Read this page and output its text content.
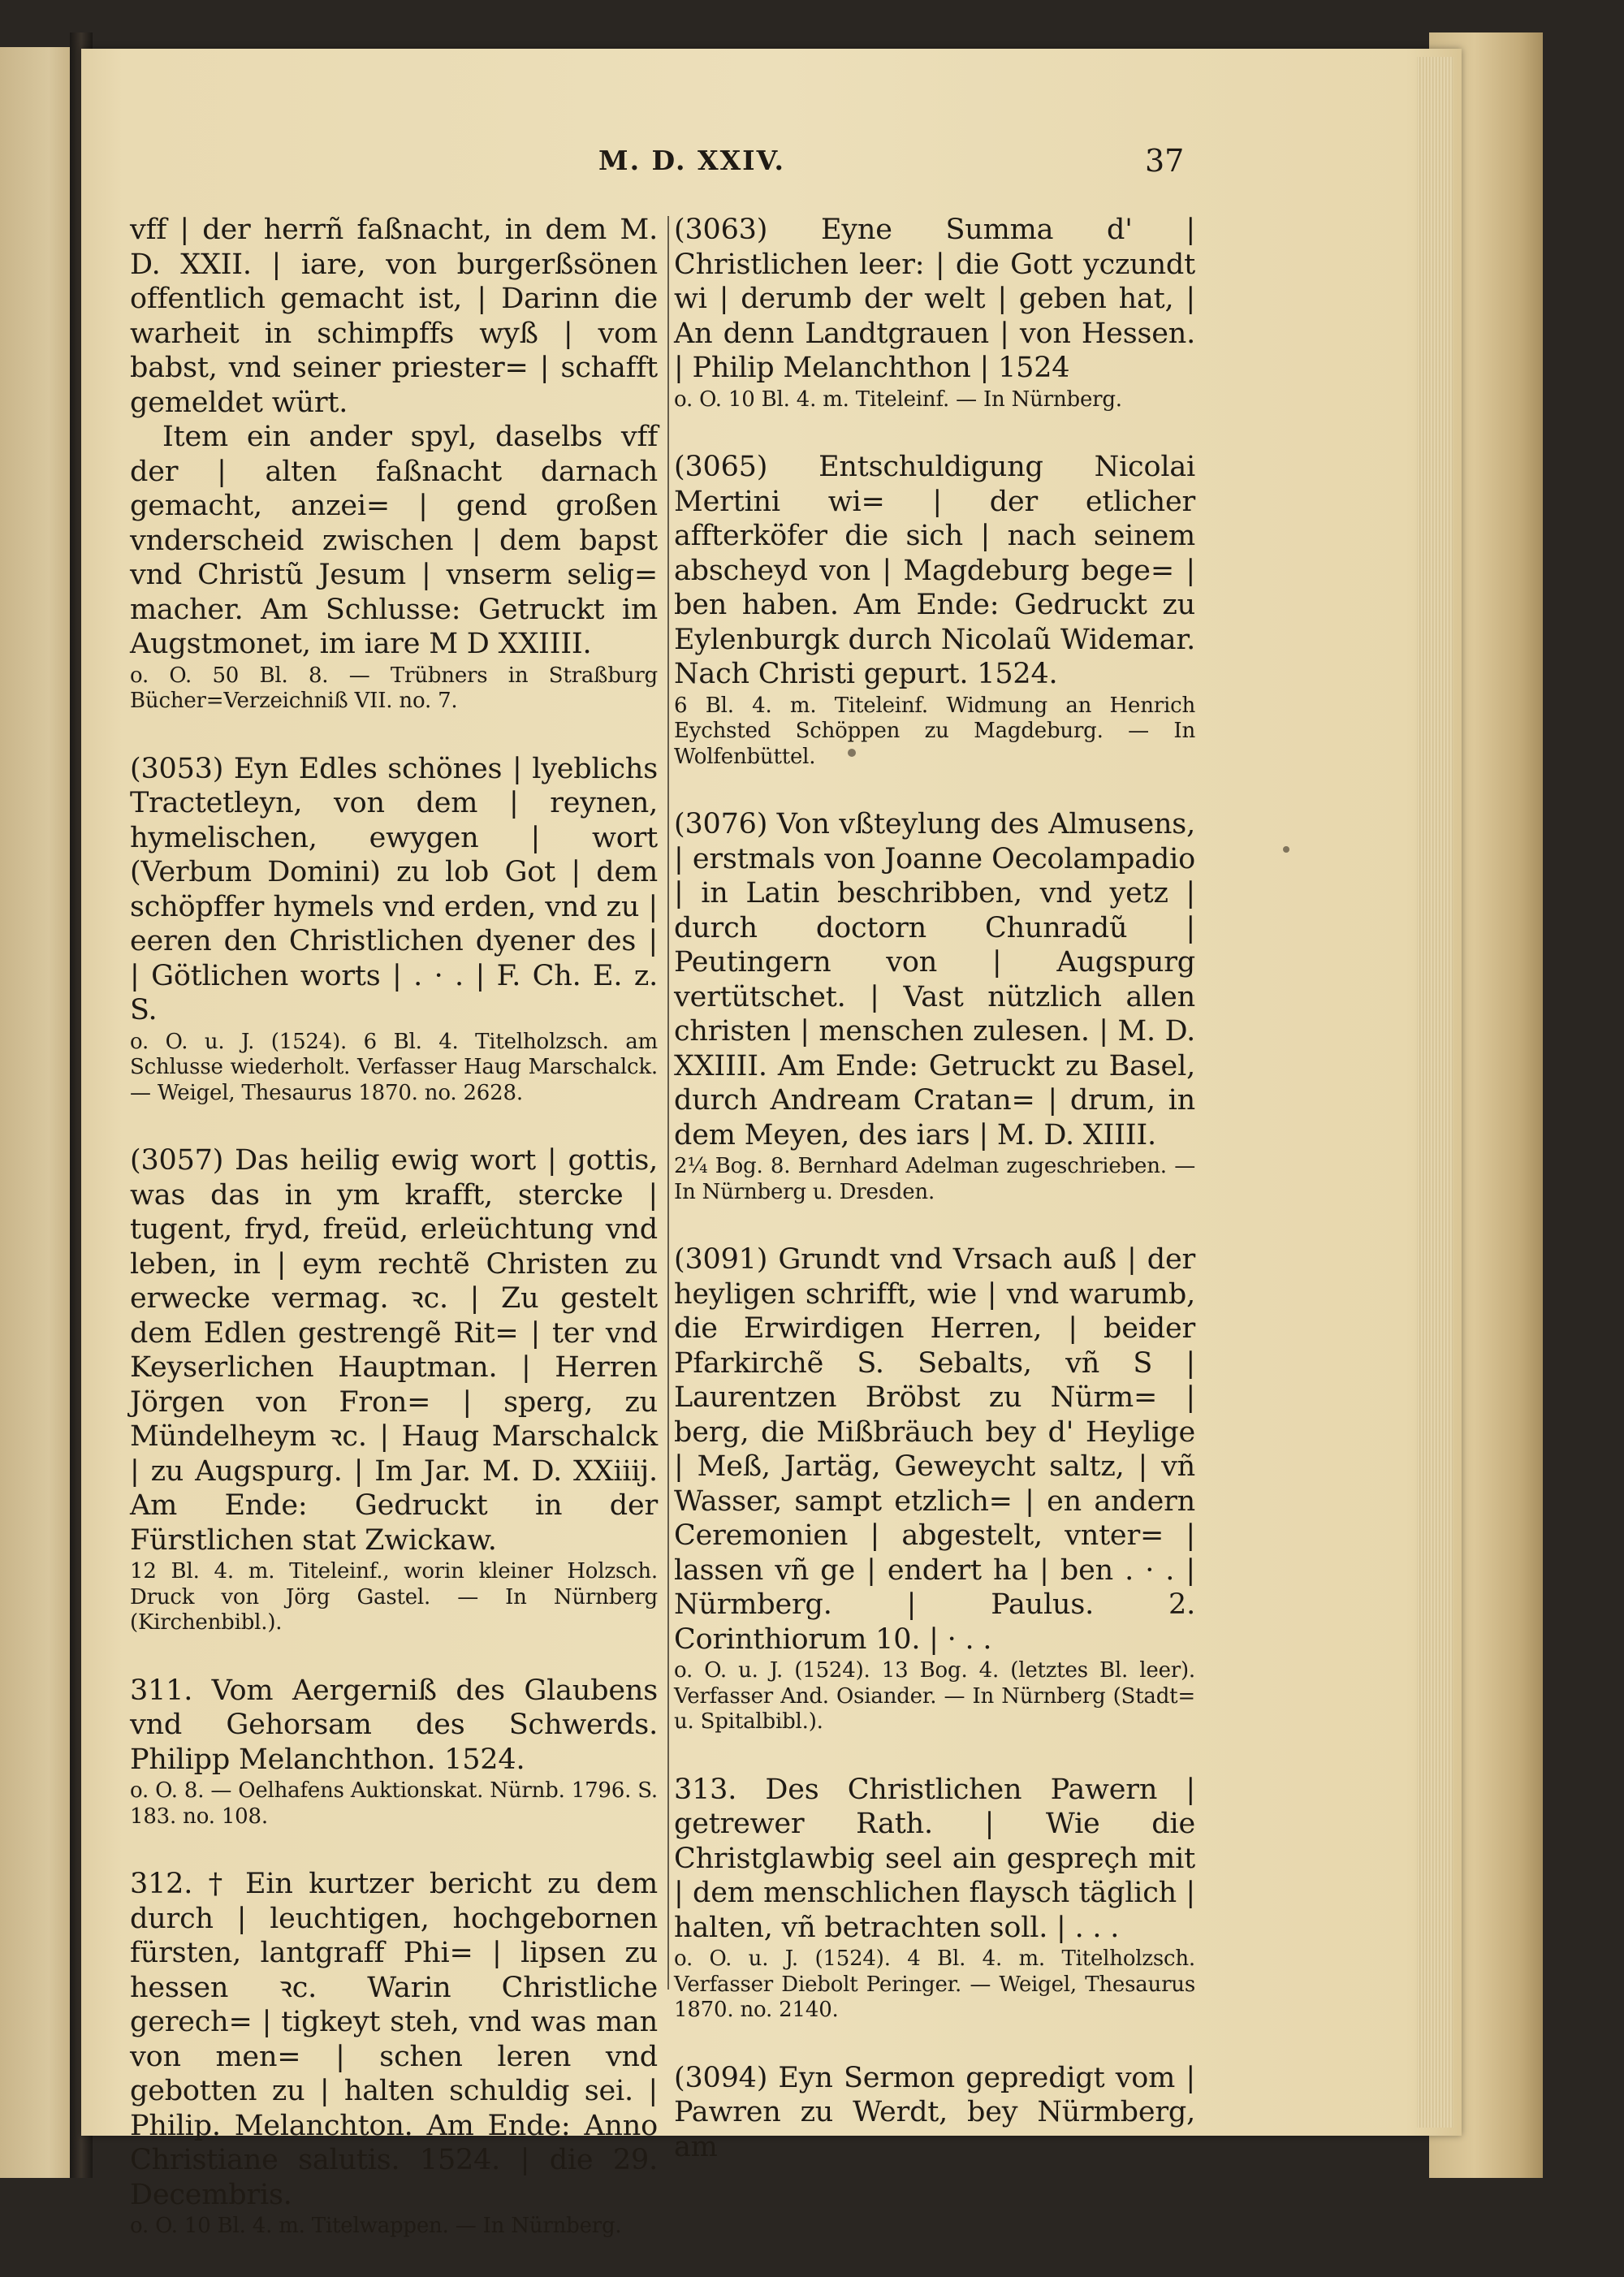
M. D. XXIV.	37

vff | der herrñ faßnacht, in dem M. D. XXII. | iare, von burgerßsönen offentlich gemacht ist, | Darinn die warheit in schimpffs wyß | vom babst, vnd seiner priester= | schafft gemeldet würt.

Item ein ander spyl, daselbs vff der | alten faßnacht darnach gemacht, anzei= | gend großen vnderscheid zwischen | dem bapst vnd Christũ Jesum | vnserm selig= macher. Am Schlusse: Getruckt im Augstmonet, im iare M D XXIIII.

o. O. 50 Bl. 8. — Trübners in Straßburg Bücher=Verzeichniß VII. no. 7.

(3053) Eyn Edles schönes | lyeblichs Tractetleyn, von dem | reynen, hymelischen, ewygen | wort (Verbum Domini) zu lob Got | dem schöpffer hymels vnd erden, vnd zu | eeren den Christlichen dyener des | | Götlichen worts | . · . | F. Ch. E. z. S.

o. O. u. J. (1524). 6 Bl. 4. Titelholzsch. am Schlusse wiederholt. Verfasser Haug Marschalck. — Weigel, Thesaurus 1870. no. 2628.

(3057) Das heilig ewig wort | gottis, was das in ym krafft, stercke | tugent, fryd, freüd, erleüchtung vnd leben, in | eym rechtẽ Christen zu erwecke vermag. ꝛc. | Zu gestelt dem Edlen gestrengẽ Rit= | ter vnd Keyserlichen Hauptman. | Herren Jörgen von Fron= | sperg, zu Mündelheym ꝛc. | Haug Marschalck | zu Augspurg. | Im Jar. M. D. XXiiij. Am Ende: Gedruckt in der Fürstlichen stat Zwickaw.

12 Bl. 4. m. Titeleinf., worin kleiner Holzsch. Druck von Jörg Gastel. — In Nürnberg (Kirchenbibl.).

311. Vom Aergerniß des Glaubens vnd Gehorsam des Schwerds. Philipp Melanchthon. 1524.

o. O. 8. — Oelhafens Auktionskat. Nürnb. 1796. S. 183. no. 108.

312. † Ein kurtzer bericht zu dem durch | leuchtigen, hochgebornen fürsten, lantgraff Phi= | lipsen zu hessen ꝛc. Warin Christliche gerech= | tigkeyt steh, vnd was man von men= | schen leren vnd gebotten zu | halten schuldig sei. | Philip. Melanchton. Am Ende: Anno Christiane salutis. 1524. | die 29. Decembris.

o. O. 10 Bl. 4. m. Titelwappen. — In Nürnberg.

(3063) Eyne Summa d' | Christlichen leer: | die Gott yczundt wi | derumb der welt | geben hat, | An denn Landtgrauen | von Hessen. | Philip Melanchthon | 1524

o. O. 10 Bl. 4. m. Titeleinf. — In Nürnberg.

(3065) Entschuldigung Nicolai Mertini wi= | der etlicher affterköfer die sich | nach seinem abscheyd von | Magdeburg bege= | ben haben. Am Ende: Gedruckt zu Eylenburgk durch Nicolaũ Widemar. Nach Christi gepurt. 1524.

6 Bl. 4. m. Titeleinf. Widmung an Henrich Eychsted Schöppen zu Magdeburg. — In Wolfenbüttel.

(3076) Von vßteylung des Almusens, | erstmals von Joanne Oecolampadio | in Latin beschribben, vnd yetz | durch doctorn Chunradũ | Peutingern von | Augspurg vertütschet. | Vast nützlich allen christen | menschen zulesen. | M. D. XXIIII. Am Ende: Getruckt zu Basel, durch Andream Cratan= | drum, in dem Meyen, des iars | M. D. XIIII.

2¼ Bog. 8. Bernhard Adelman zugeschrieben. — In Nürnberg u. Dresden.

(3091) Grundt vnd Vrsach auß | der heyligen schrifft, wie | vnd warumb, die Erwirdigen Herren, | beider Pfarkirchẽ S. Sebalts, vñ S | Laurentzen Bröbst zu Nürm= | berg, die Mißbräuch bey d' Heylige | Meß, Jartäg, Geweycht saltz, | vñ Wasser, sampt etzlich= | en andern Ceremonien | abgestelt, vnter= | lassen vñ ge | endert ha | ben . · . | Nürmberg. | Paulus. 2. Corinthiorum 10. | · . .

o. O. u. J. (1524). 13 Bog. 4. (letztes Bl. leer). Verfasser And. Osiander. — In Nürnberg (Stadt= u. Spitalbibl.).

313. Des Christlichen Pawern | getrewer Rath. | Wie die Christglawbig seel ain gespreçh mit | dem menschlichen flaysch täglich | halten, vñ betrachten soll. | . . .

o. O. u. J. (1524). 4 Bl. 4. m. Titelholzsch. Verfasser Diebolt Peringer. — Weigel, Thesaurus 1870. no. 2140.

(3094) Eyn Sermon gepredigt vom | Pawren zu Werdt, bey Nürmberg, am
